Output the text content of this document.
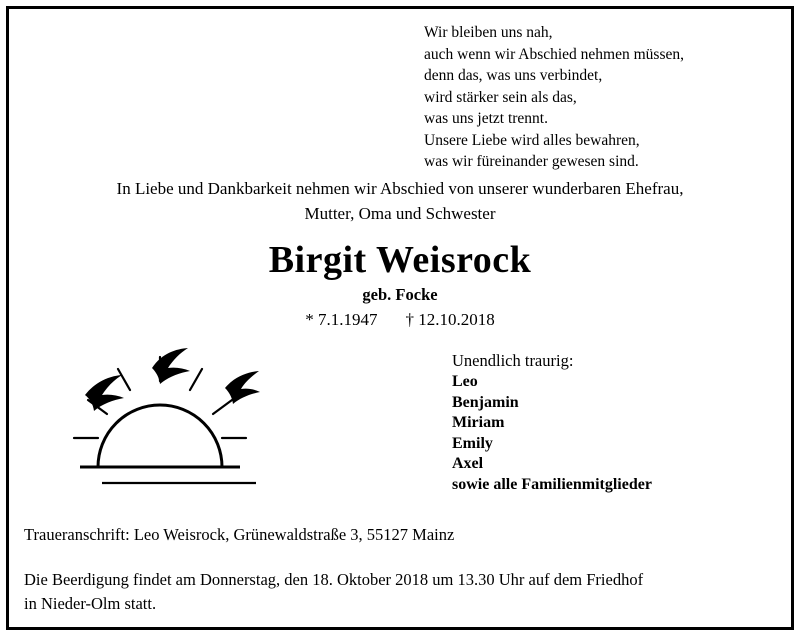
Wir bleiben uns nah,
auch wenn wir Abschied nehmen müssen,
denn das, was uns verbindet,
wird stärker sein als das,
was uns jetzt trennt.
Unsere Liebe wird alles bewahren,
was wir füreinander gewesen sind.
In Liebe und Dankbarkeit nehmen wir Abschied von unserer wunderbaren Ehefrau,
Mutter, Oma und Schwester
Birgit Weisrock
geb. Focke
* 7.1.1947 † 12.10.2018
Unendlich traurig:
Leo
Benjamin
Miriam
Emily
Axel
sowie alle Familienmitglieder
Traueranschrift: Leo Weisrock, Grünewaldstraße 3, 55127 Mainz
Die Beerdigung findet am Donnerstag, den 18. Oktober 2018 um 13.30 Uhr auf dem Friedhof
in Nieder-Olm statt.
